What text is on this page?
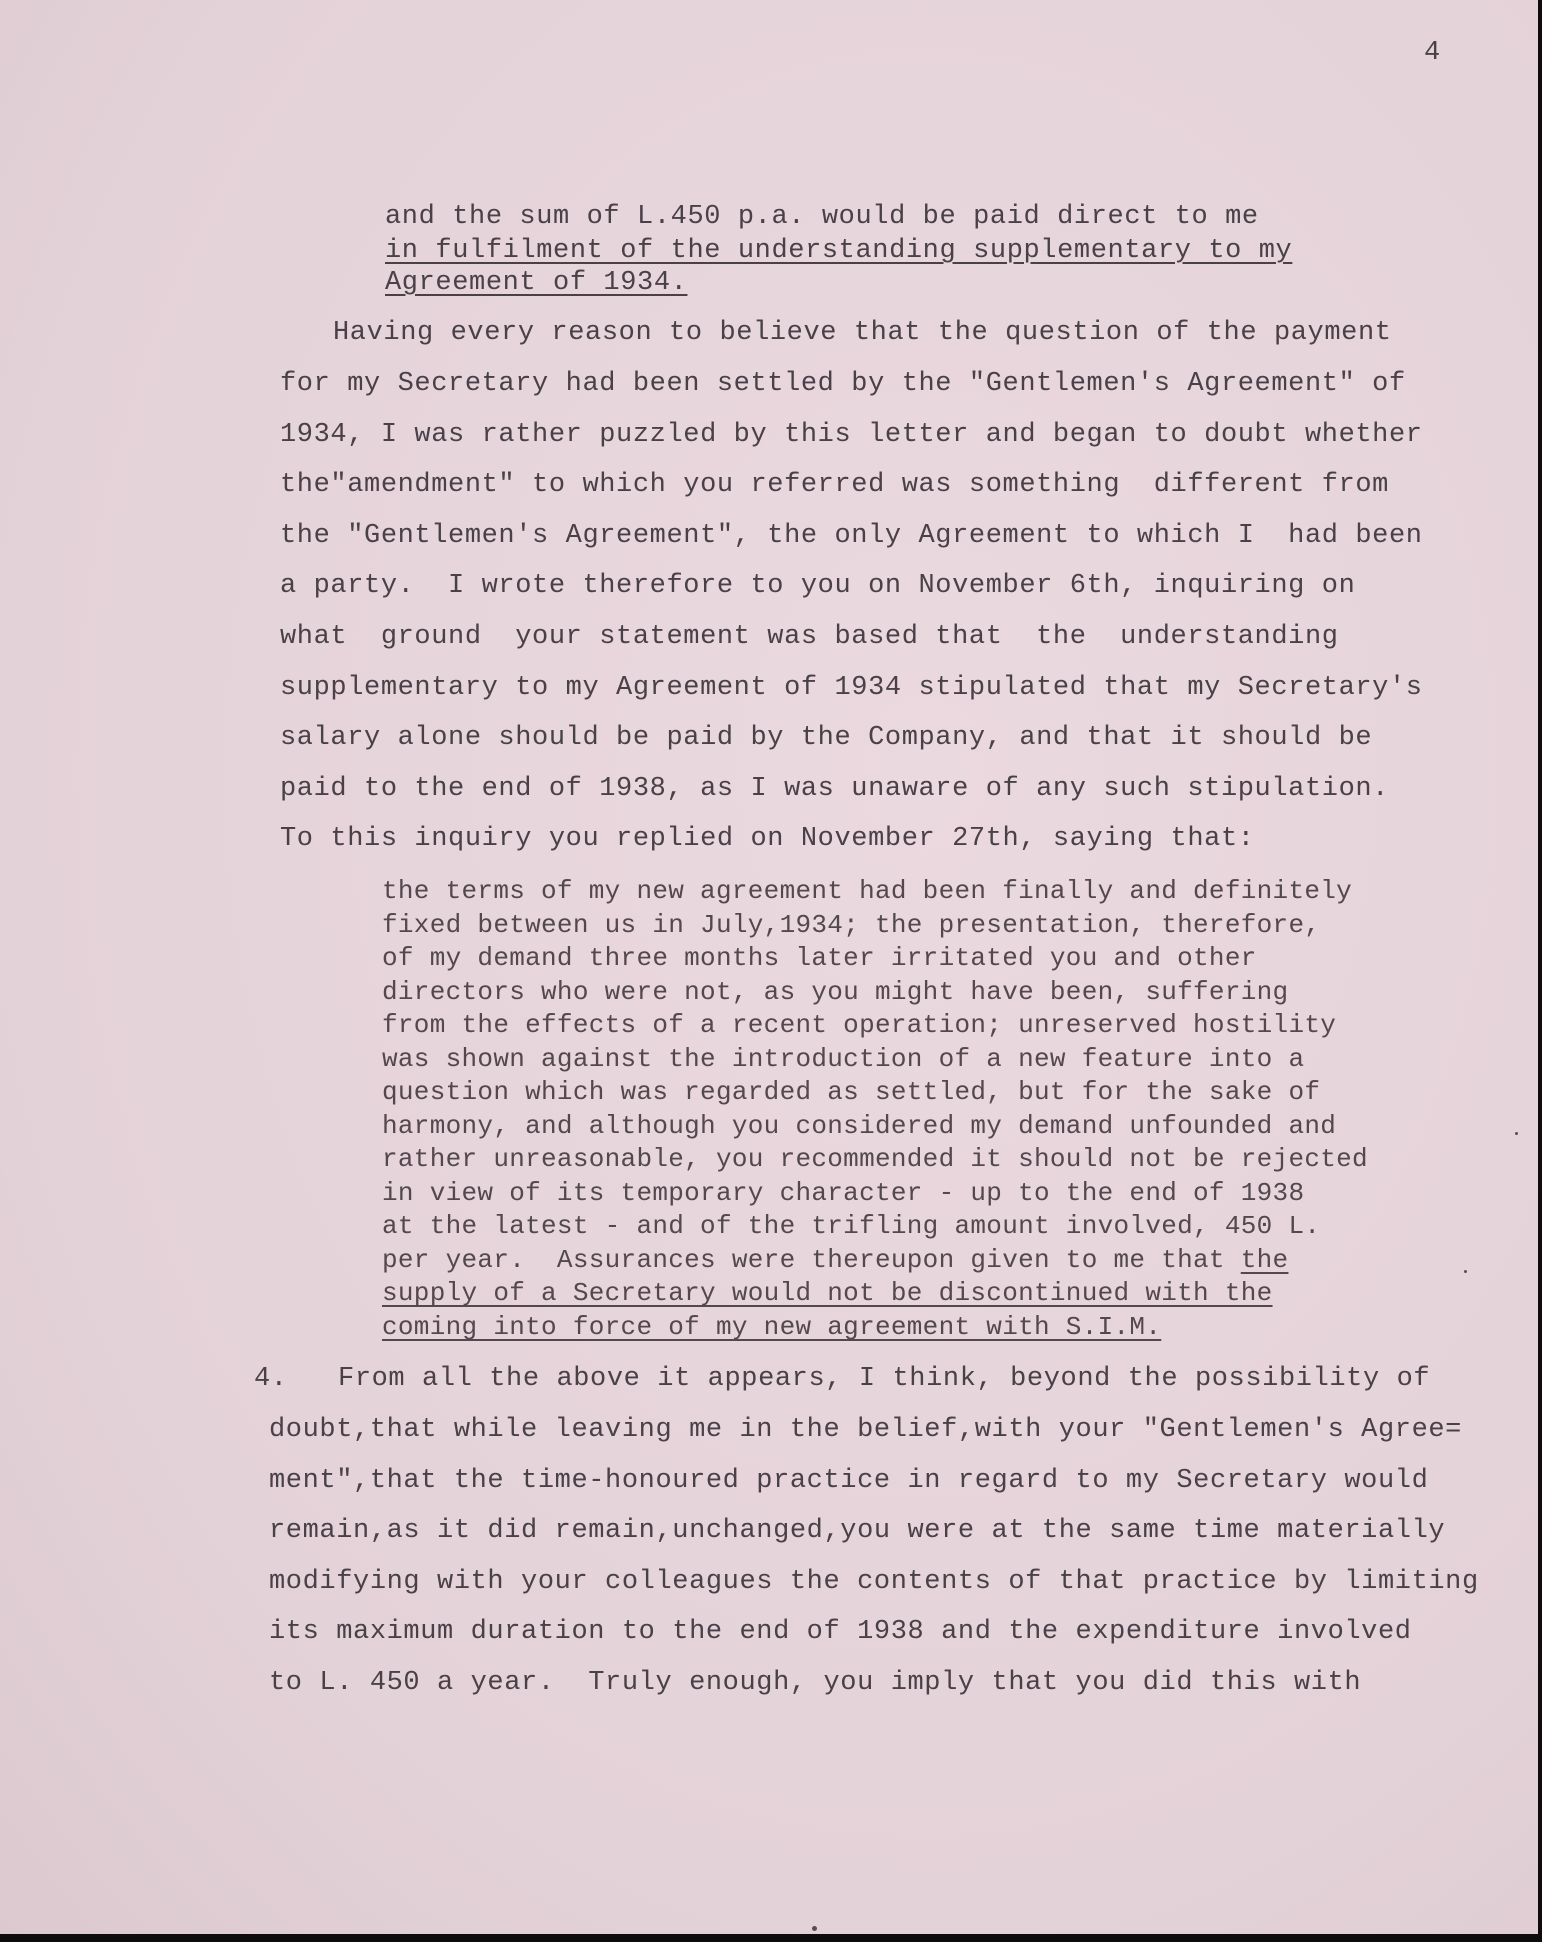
4
and the sum of L.450 p.a. would be paid direct to me
in fulfilment of the understanding supplementary to my
Agreement of 1934.
Having every reason to believe that the question of the payment
for my Secretary had been settled by the "Gentlemen's Agreement" of
1934, I was rather puzzled by this letter and began to doubt whether
the"amendment" to which you referred was something  different from
the "Gentlemen's Agreement", the only Agreement to which I  had been
a party.  I wrote therefore to you on November 6th, inquiring on
what  ground  your statement was based that  the  understanding
supplementary to my Agreement of 1934 stipulated that my Secretary's
salary alone should be paid by the Company, and that it should be
paid to the end of 1938, as I was unaware of any such stipulation.
To this inquiry you replied on November 27th, saying that:
the terms of my new agreement had been finally and definitely
fixed between us in July,1934; the presentation, therefore,
of my demand three months later irritated you and other
directors who were not, as you might have been, suffering
from the effects of a recent operation; unreserved hostility
was shown against the introduction of a new feature into a
question which was regarded as settled, but for the sake of
harmony, and although you considered my demand unfounded and
rather unreasonable, you recommended it should not be rejected
in view of its temporary character - up to the end of 1938
at the latest - and of the trifling amount involved, 450 L.
per year.  Assurances were thereupon given to me that the
supply of a Secretary would not be discontinued with the
coming into force of my new agreement with S.I.M.
4.   From all the above it appears, I think, beyond the possibility of
doubt,that while leaving me in the belief,with your "Gentlemen's Agree=
ment",that the time-honoured practice in regard to my Secretary would
remain,as it did remain,unchanged,you were at the same time materially
modifying with your colleagues the contents of that practice by limiting
its maximum duration to the end of 1938 and the expenditure involved
to L. 450 a year.  Truly enough, you imply that you did this with
